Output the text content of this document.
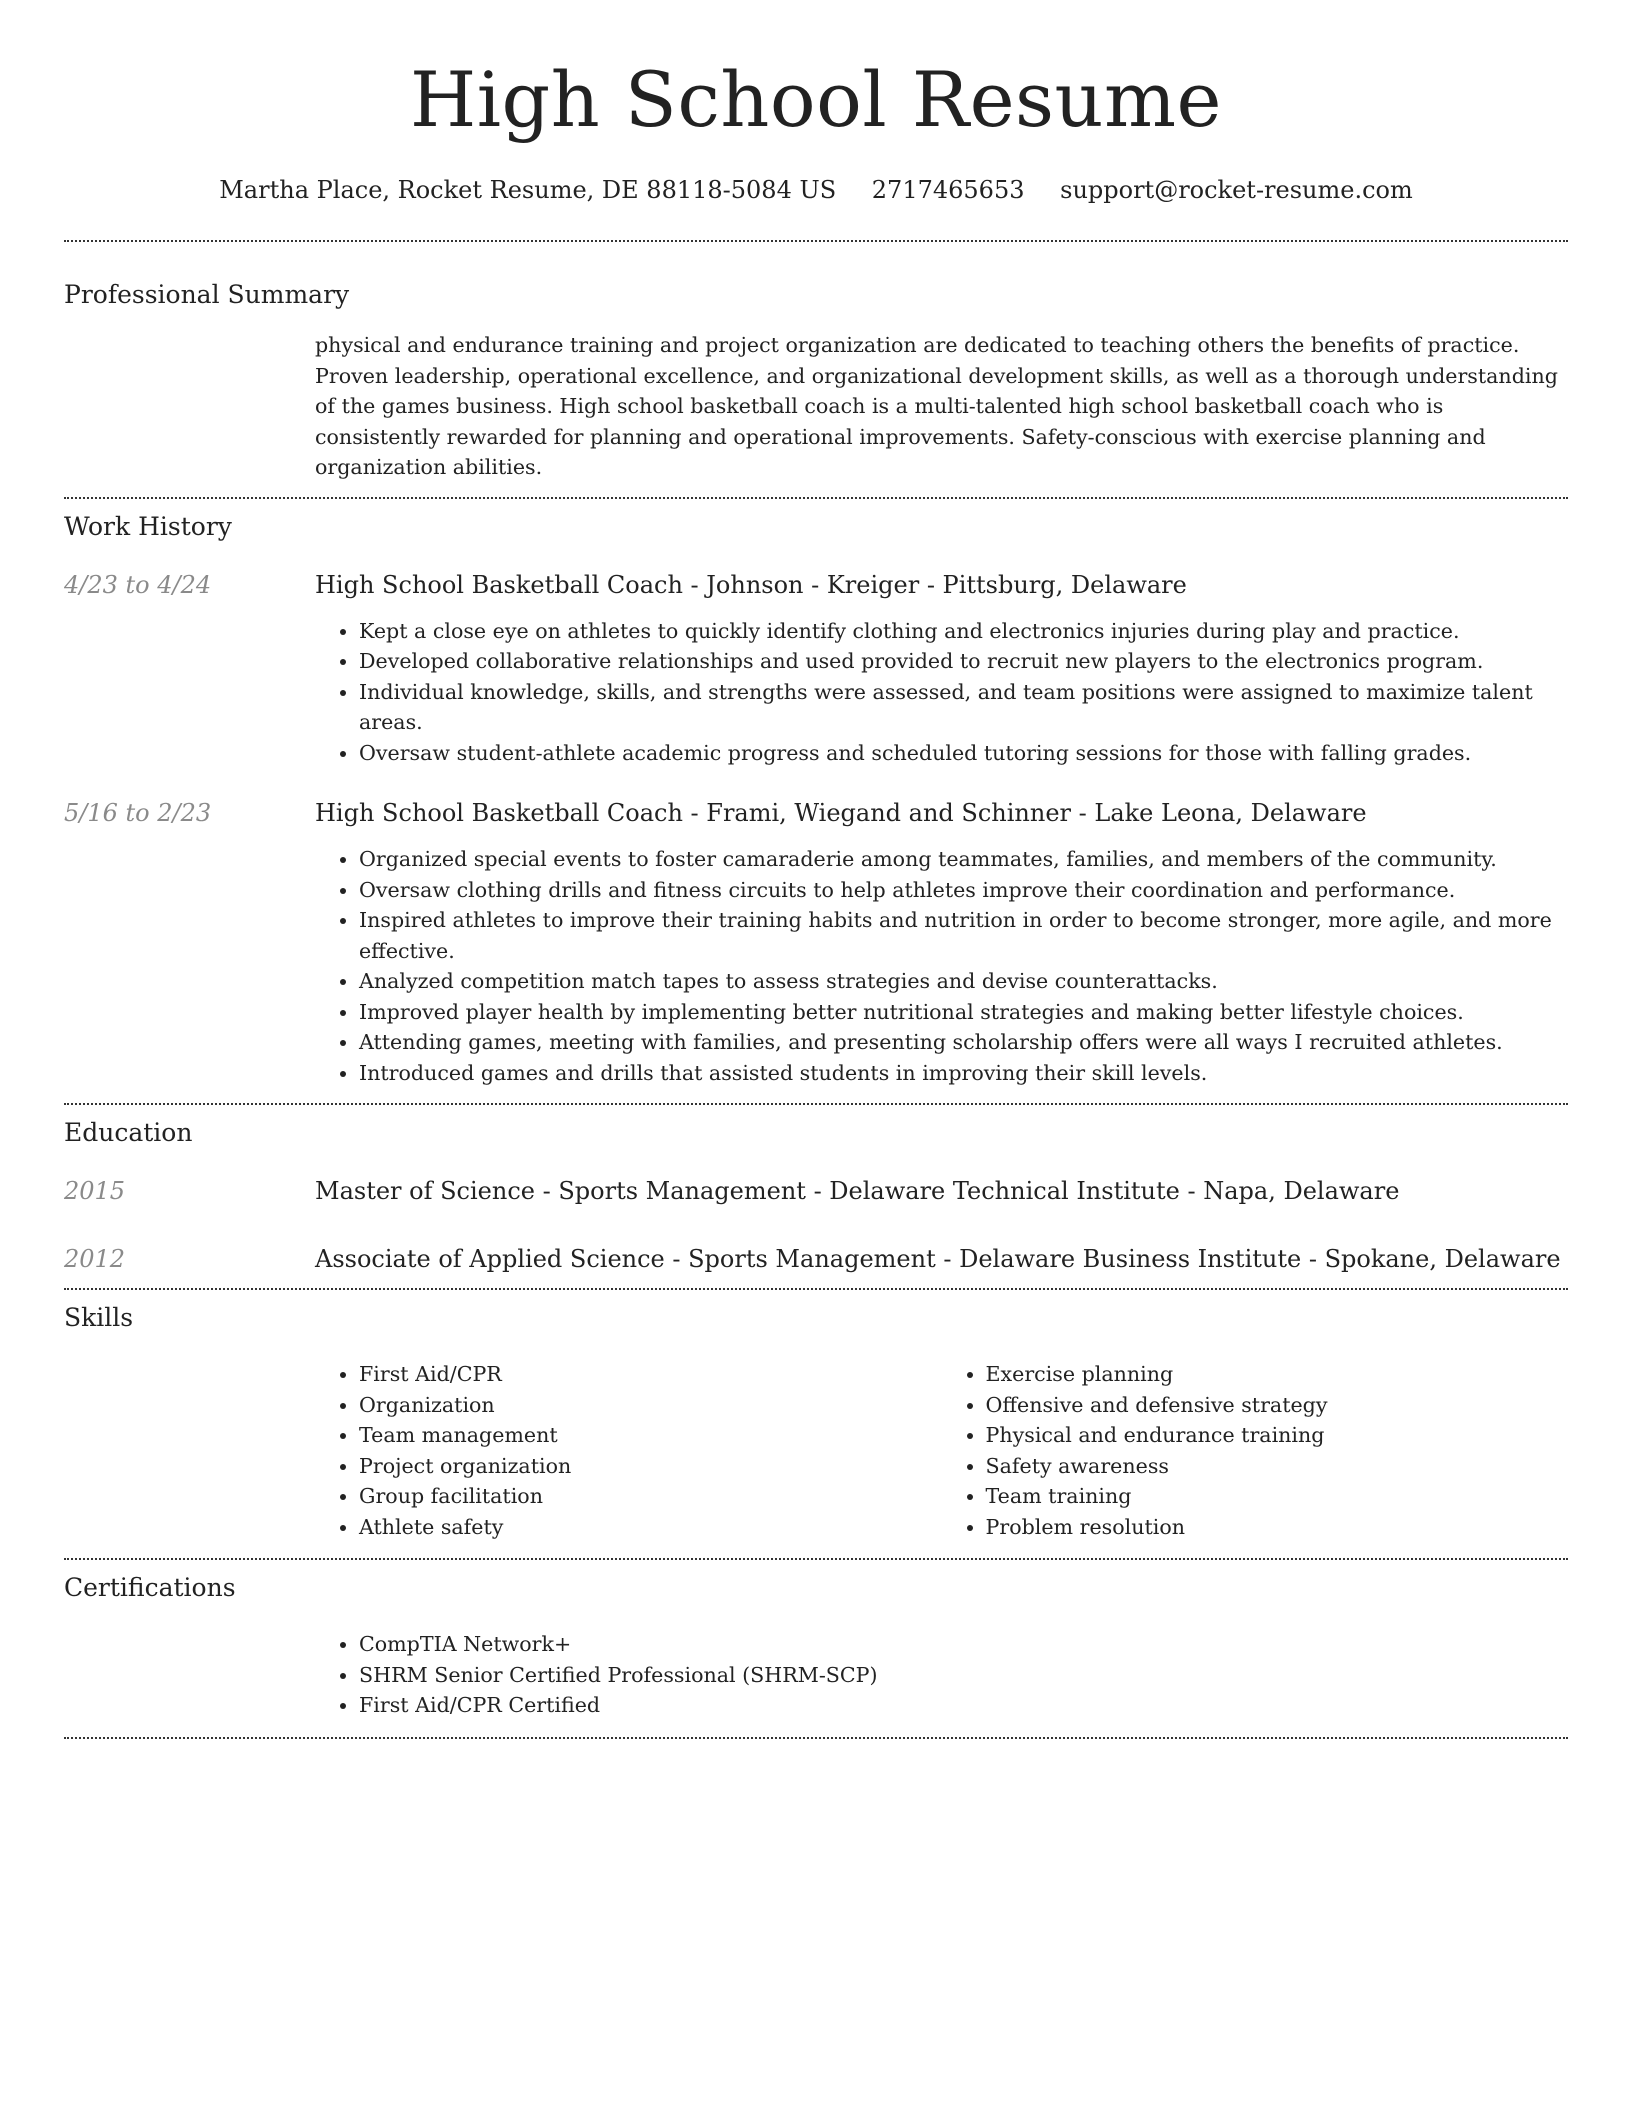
High School Resume
Martha Place, Rocket Resume, DE 88118-5084 US 2717465653 support@rocket-resume.com
Professional Summary

physical and endurance training and project organization are dedicated to teaching others the benefits of practice. Proven leadership, operational excellence, and organizational development skills, as well as a thorough understanding of the games business. High school basketball coach is a multi-talented high school basketball coach who is consistently rewarded for planning and operational improvements. Safety-conscious with exercise planning and organization abilities.

Work History
4/23 to 4/24	High School Basketball Coach - Johnson - Kreiger - Pittsburg, Delaware
• Kept a close eye on athletes to quickly identify clothing and electronics injuries during play and practice.
• Developed collaborative relationships and used provided to recruit new players to the electronics program.
• Individual knowledge, skills, and strengths were assessed, and team positions were assigned to maximize talent areas.
• Oversaw student-athlete academic progress and scheduled tutoring sessions for those with falling grades.
5/16 to 2/23	High School Basketball Coach - Frami, Wiegand and Schinner - Lake Leona, Delaware
• Organized special events to foster camaraderie among teammates, families, and members of the community.
• Oversaw clothing drills and fitness circuits to help athletes improve their coordination and performance.
• Inspired athletes to improve their training habits and nutrition in order to become stronger, more agile, and more effective.
• Analyzed competition match tapes to assess strategies and devise counterattacks.
• Improved player health by implementing better nutritional strategies and making better lifestyle choices.
• Attending games, meeting with families, and presenting scholarship offers were all ways I recruited athletes.
• Introduced games and drills that assisted students in improving their skill levels.
Education
2015	Master of Science - Sports Management - Delaware Technical Institute - Napa, Delaware
2012	Associate of Applied Science - Sports Management - Delaware Business Institute - Spokane, Delaware
Skills
• First Aid/CPR
• Organization
• Team management
• Project organization
• Group facilitation
• Athlete safety
• Exercise planning
• Offensive and defensive strategy
• Physical and endurance training
• Safety awareness
• Team training
• Problem resolution
Certifications
• CompTIA Network+
• SHRM Senior Certified Professional (SHRM-SCP)
• First Aid/CPR Certified
